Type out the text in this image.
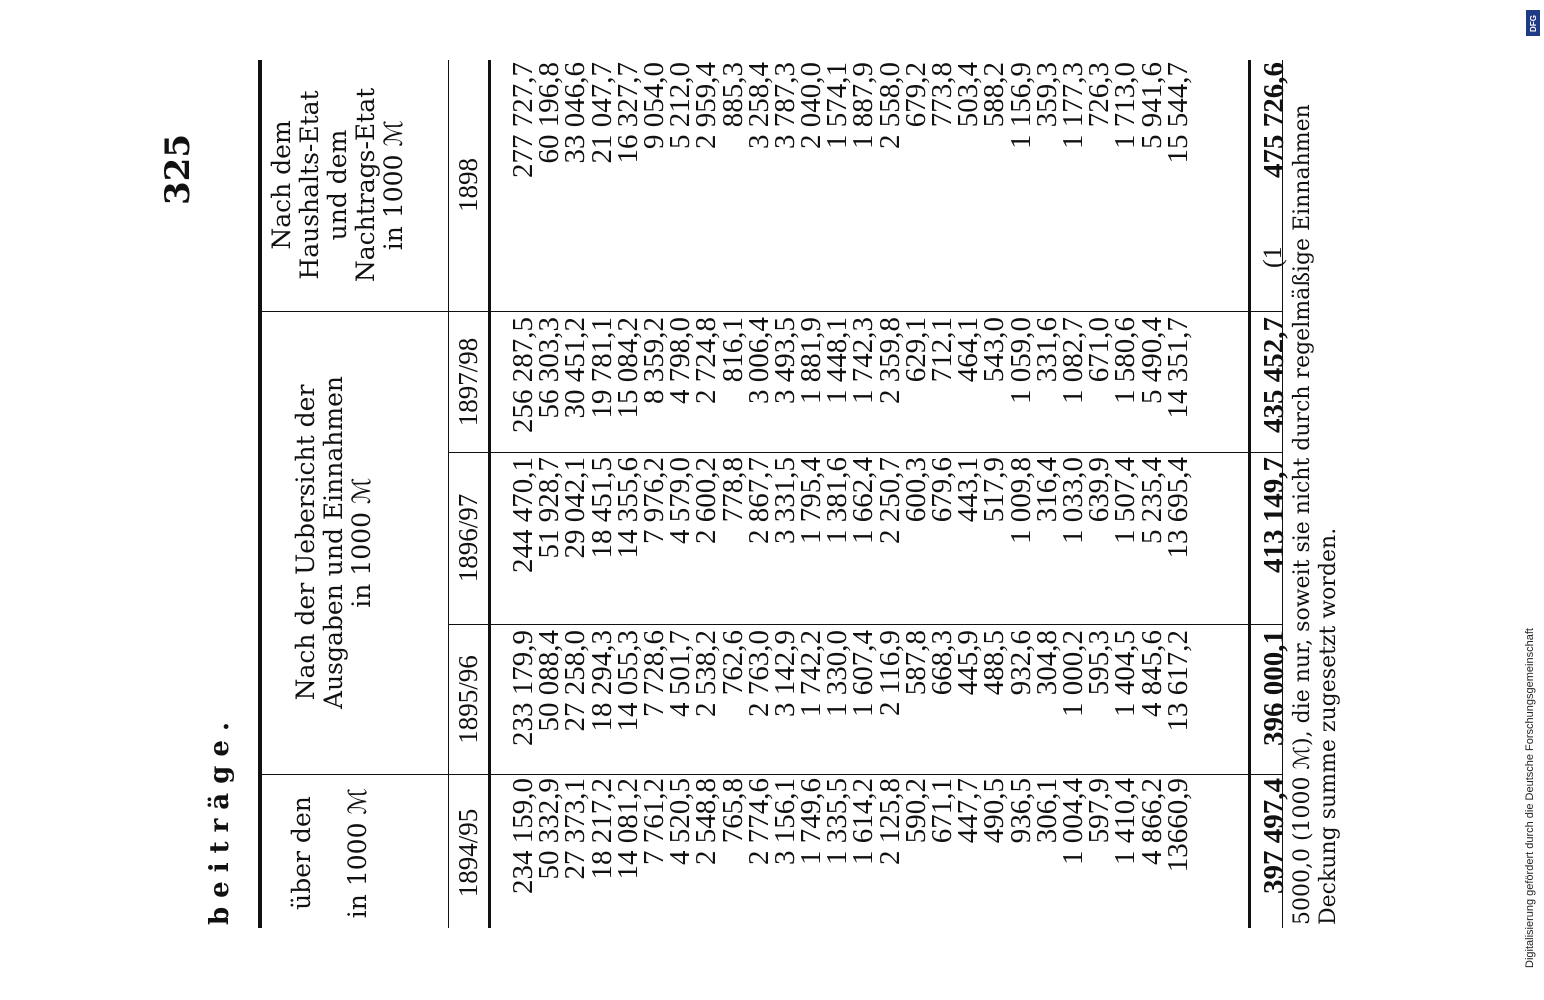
beiträge.
325
über den

in 1000 ℳ
Nach der Uebersicht der
Ausgaben und Einnahmen
in 1000 ℳ
Nach dem
Haushalts-Etat
und dem
Nachtrags-Etat
in 1000 ℳ
1894/95
1895/96
1896/97
1897/98
1898
234 159,0
50 332,9
27 373,1
18 217,2
14 081,2
7 761,2
4 520,5
2 548,8
765,8
2 774,6
3 156,1
1 749,6
1 335,5
1 614,2
2 125,8
590,2
671,1
447,7
490,5
936,5
306,1
1 004,4
597,9
1 410,4
4 866,2
13660,9
233 179,9
50 088,4
27 258,0
18 294,3
14 055,3
7 728,6
4 501,7
2 538,2
762,6
2 763,0
3 142,9
1 742,2
1 330,0
1 607,4
2 116,9
587,8
668,3
445,9
488,5
932,6
304,8
1 000,2
595,3
1 404,5
4 845,6
13 617,2
244 470,1
51 928,7
29 042,1
18 451,5
14 355,6
7 976,2
4 579,0
2 600,2
778,8
2 867,7
3 331,5
1 795,4
1 381,6
1 662,4
2 250,7
600,3
679,6
443,1
517,9
1 009,8
316,4
1 033,0
639,9
1 507,4
5 235,4
13 695,4
256 287,5
56 303,3
30 451,2
19 781,1
15 084,2
8 359,2
4 798,0
2 724,8
816,1
3 006,4
3 493,5
1 881,9
1 448,1
1 742,3
2 359,8
629,1
712,1
464,1
543,0
1 059,0
331,6
1 082,7
671,0
1 580,6
5 490,4
14 351,7
277 727,7
60 196,8
33 046,6
21 047,7
16 327,7
9 054,0
5 212,0
2 959,4
885,3
3 258,4
3 787,3
2 040,0
1 574,1
1 887,9
2 558,0
679,2
773,8
503,4
588,2
1 156,9
359,3
1 177,3
726,3
1 713,0
5 941,6
15 544,7
397 497,4
396 000,1
413 149,7
435 452,7
(1
475 726,6 5000,0 (1000 ℳ), die nur, soweit sie nicht durch regelmäßige Einnahmen Deckung summe zugesetzt worden.
DFG
Digitalisierung gefördert durch die Deutsche Forschungsgemeinschaft
